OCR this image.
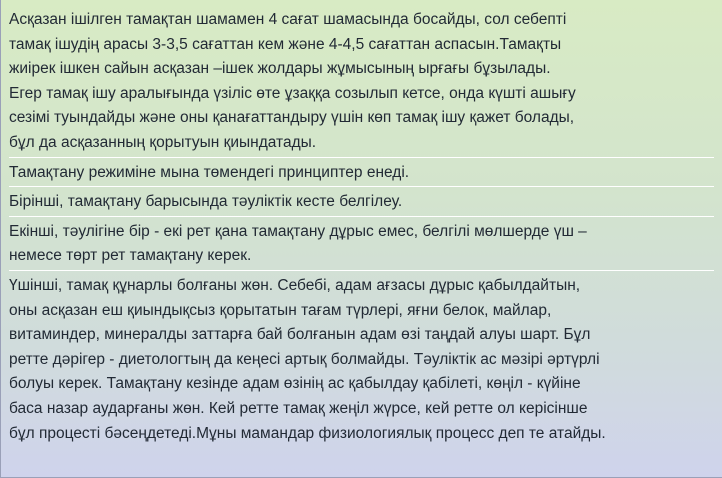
Асқазан ішілген тамақтан шамамен 4 сағат шамасында босайды, сол себепті
тамақ ішудің арасы 3-3,5 сағаттан кем және 4-4,5 сағаттан аспасын.Тамақты
жиірек ішкен сайын асқазан –ішек жолдары жұмысының ырғағы бұзылады.
Егер тамақ ішу аралығында үзіліс өте ұзаққа созылып кетсе, онда күшті ашығу
сезімі туындайды және оны қанағаттандыру үшін көп тамақ ішу қажет болады,
бұл да асқазанның қорытуын қиындатады.
Тамақтану режиміне мына төмендегі принциптер енеді.
Бірінші, тамақтану барысында тәуліктік кесте белгілеу.
Екінші, тәулігіне бір - екі рет қана тамақтану дұрыс емес, белгілі мөлшерде үш –
немесе төрт рет тамақтану керек.
Үшінші, тамақ құнарлы болғаны жөн. Себебі, адам ағзасы дұрыс қабылдайтын,
оны асқазан еш қиындықсыз қорытатын тағам түрлері, яғни белок, майлар,
витаминдер, минералды заттарға бай болғанын адам өзі таңдай алуы шарт. Бұл
ретте дәрігер - диетологтың да кеңесі артық болмайды. Тәуліктік ас мәзірі әртүрлі
болуы керек. Тамақтану кезінде адам өзінің ас қабылдау қабілеті, көңіл - күйіне
баса назар аударғаны жөн. Кей ретте тамақ жеңіл жүрсе, кей ретте ол керісінше
бұл процесті бәсеңдетеді.Мұны мамандар физиологиялық процесс деп те атайды.
